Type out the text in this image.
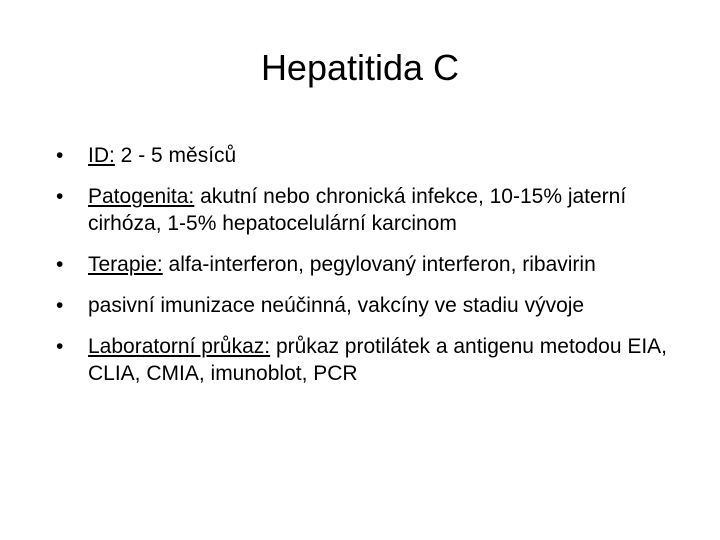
Hepatitida C
•	ID: 2 - 5 měsíců
•	Patogenita: akutní nebo chronická infekce, 10-15% jaterní cirhóza, 1-5% hepatocelulární karcinom
•	Terapie: alfa-interferon, pegylovaný interferon, ribavirin
•	pasivní imunizace neúčinná, vakcíny ve stadiu vývoje
•	Laboratorní průkaz: průkaz protilátek a antigenu metodou EIA, CLIA, CMIA, imunoblot, PCR
